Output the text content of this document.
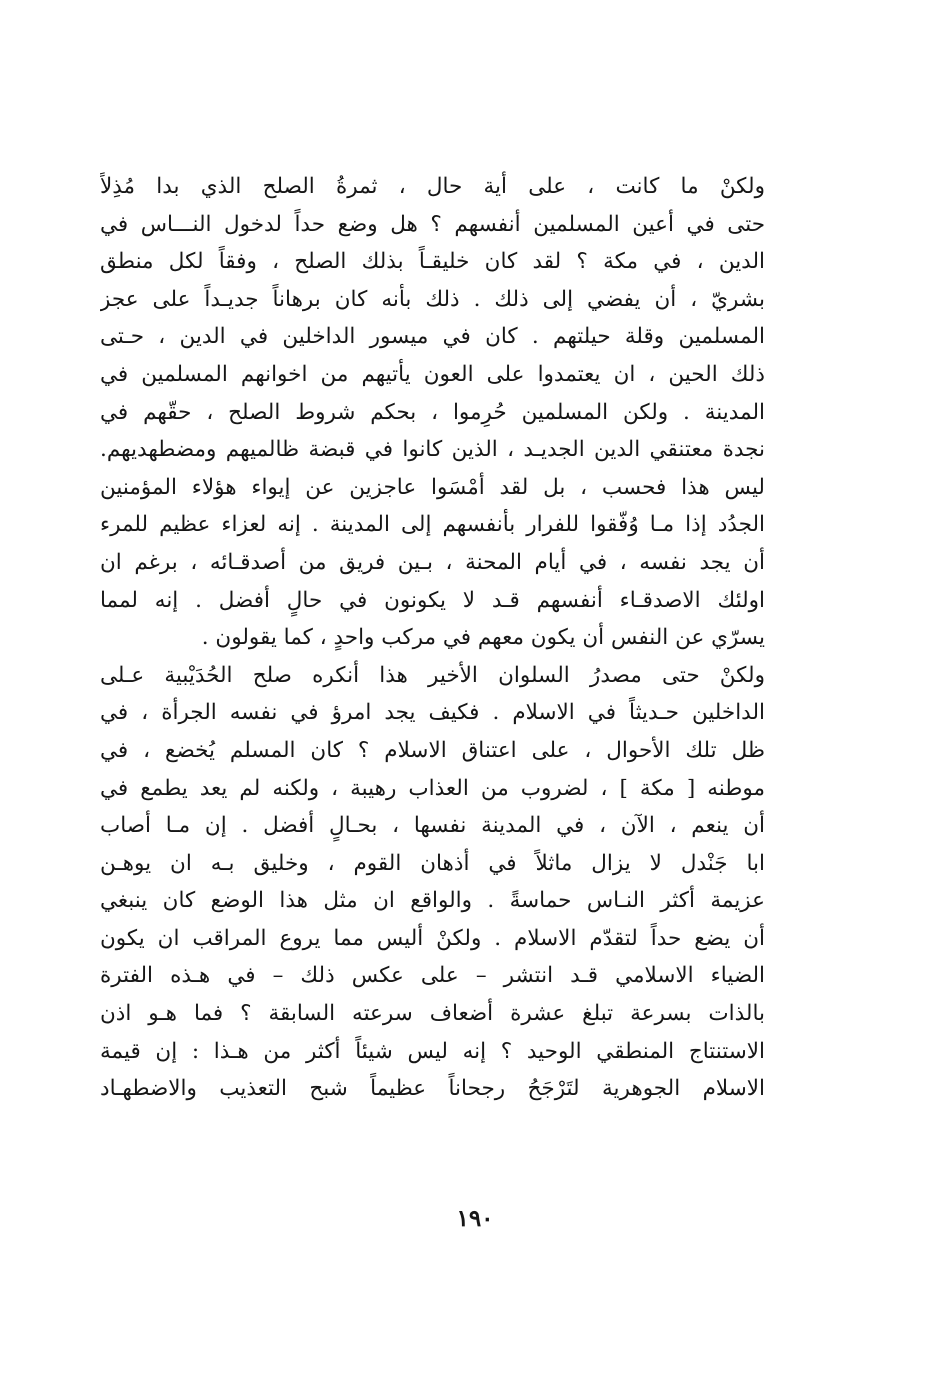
ولكنْ ما كانت ، على أية حال ، ثمرةُ الصلح الذي بدا مُذِلاً
حتى في أعين المسلمين أنفسهم ؟ هل وضع حداً لدخول النـــاس في
الدين ، في مكة ؟ لقد كان خليقـاً بذلك الصلح ، وفقاً لكل منطق
بشريّ ، أن يفضي إلى ذلك . ذلك بأنه كان برهاناً جديـداً على عجز
المسلمين وقلة حيلتهم . كان في ميسور الداخلين في الدين ، حـتى
ذلك الحين ، ان يعتمدوا على العون يأتيهم من اخوانهم المسلمين في
المدينة . ولكن المسلمين حُرِموا ، بحكم شروط الصلح ، حقّهم في
نجدة معتنقي الدين الجديـد ، الذين كانوا في قبضة ظالميهم ومضطهديهم.
ليس هذا فحسب ، بل لقد أمْسَوا عاجزين عن إيواء هؤلاء المؤمنين
الجدُد إذا مـا وُفّقوا للفرار بأنفسهم إلى المدينة . إنه لعزاء عظيم للمرء
أن يجد نفسه ، في أيام المحنة ، بـين فريق من أصدقـائه ، برغم ان
اولئك الاصدقـاء أنفسهم قـد لا يكونون في حالٍ أفضل . إنه لمما
يسرّي عن النفس أن يكون معهم في مركب واحدٍ ، كما يقولون .
ولكنْ حتى مصدرُ السلوان الأخير هذا أنكره صلح الحُدَيْبية عـلى
الداخلين حـديثاً في الاسلام . فكيف يجد امرؤ في نفسه الجرأة ، في
ظل تلك الأحوال ، على اعتناق الاسلام ؟ كان المسلم يُخضع ، في
موطنه [ مكة ] ، لضروب من العذاب رهيبة ، ولكنه لم يعد يطمع في
أن ينعم ، الآن ، في المدينة نفسها ، بحـالٍ أفضل . إن مـا أصاب
ابا جَنْدل لا يزال ماثلاً في أذهان القوم ، وخليق بـه ان يوهـن
عزيمة أكثر النـاس حماسةً . والواقع ان مثل هذا الوضع كان ينبغي
أن يضع حداً لتقدّم الاسلام . ولكنْ أليس مما يروع المراقب ان يكون
الضياء الاسلامي قـد انتشر – على عكس ذلك – في هـذه الفترة
بالذات بسرعة تبلغ عشرة أضعاف سرعته السابقة ؟ فما هـو اذن
الاستنتاج المنطقي الوحيد ؟ إنه ليس شيئاً أكثر من هـذا : إن قيمة
الاسلام الجوهرية لتَرْجَحُ رجحاناً عظيماً شبح التعذيب والاضطهـاد
١٩٠
